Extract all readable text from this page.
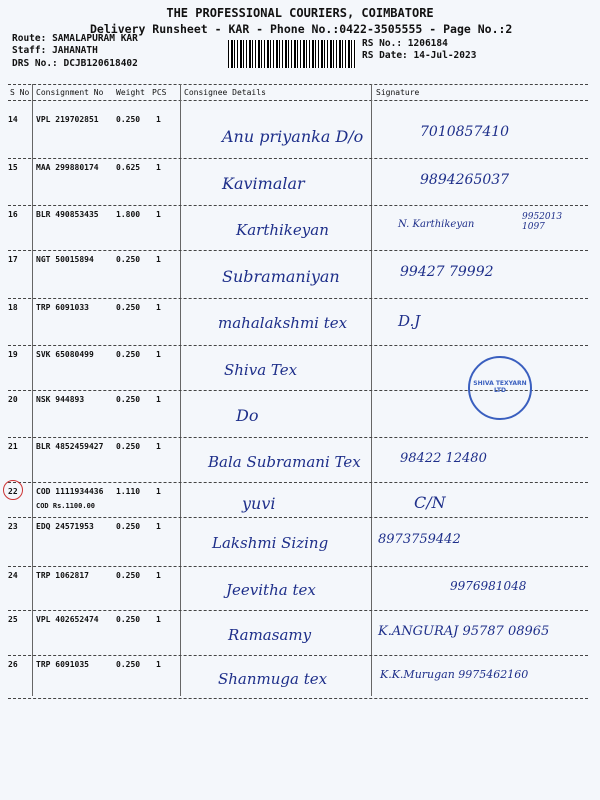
THE PROFESSIONAL COURIERS, COIMBATORE
Delivery Runsheet - KAR - Phone No.:0422-3505555 - Page No.:2
Route: SAMALAPURAM KAR
Staff: JAHANATH
DRS No.: DCJB120618402
RS No.: 1206184
RS Date: 14-Jul-2023
S No Consignment No Weight PCS Consignee Details	Signature
14 VPL 219702851 0.250 1
Anu priyanka D/o	7010857410
15 MAA 299880174 0.625 1
Kavimalar	9894265037
16 BLR 490853435 1.800 1
Karthikeyan	N. Karthikeyan
17 NGT 50015894	0.250 1
Subramaniyan	99427 79992
18 TRP 6091033	0.250 1
mahalakshmi tex	D.J
19 SVK 65080499	0.250 1
Shiva Tex
20 NSK 944893	0.250 1
Do
21 BLR 4852459427 0.250 1
Bala Subramani Tex	98422 12480
22 COD 1111934436 1.110 1
yuvi	C/N
COD Rs.1100.00
23 EDQ 24571953	0.250 1
Lakshmi Sizing	8973759442
24 TRP 1062817	0.250 1
Jeevitha tex	9976981048
25 VPL 402652474 0.250 1
Ramasamy	K.ANGURAJ 95787 08965
26 TRP 6091035	0.250 1
Shanmuga tex	K.K.Murugan 9975462160
SHIVA TEXYARN LTD
9952013 1097
